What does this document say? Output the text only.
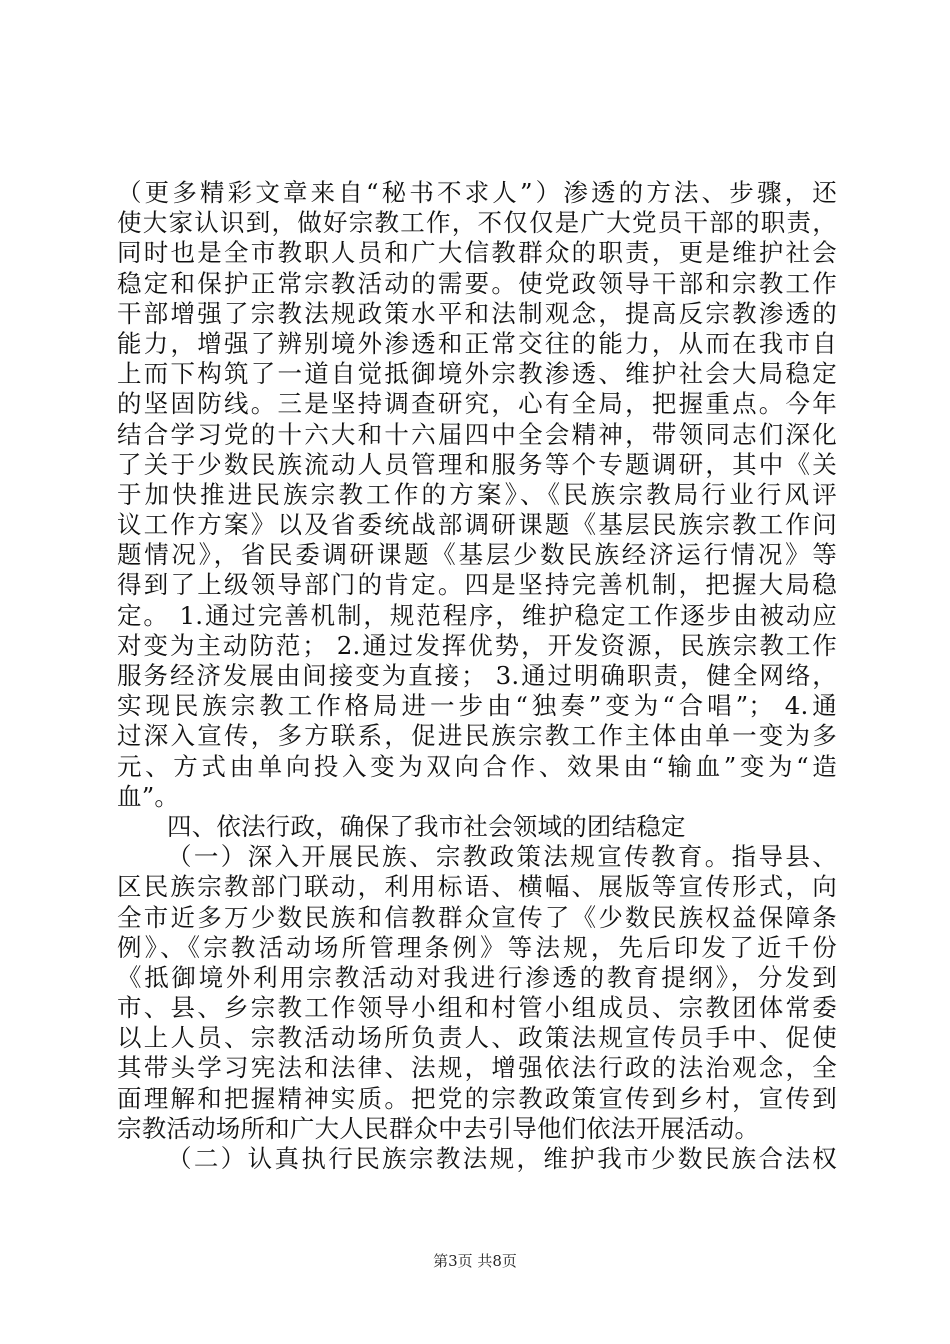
（更多精彩文章来自“秘书不求人”）渗透的方法、步骤，还
使大家认识到，做好宗教工作，不仅仅是广大党员干部的职责，
同时也是全市教职人员和广大信教群众的职责，更是维护社会
稳定和保护正常宗教活动的需要。使党政领导干部和宗教工作
干部增强了宗教法规政策水平和法制观念，提高反宗教渗透的
能力，增强了辨别境外渗透和正常交往的能力，从而在我市自
上而下构筑了一道自觉抵御境外宗教渗透、维护社会大局稳定
的坚固防线。三是坚持调查研究，心有全局，把握重点。今年
结合学习党的十六大和十六届四中全会精神，带领同志们深化
了关于少数民族流动人员管理和服务等个专题调研，其中《关
于加快推进民族宗教工作的方案》、《民族宗教局行业行风评
议工作方案》以及省委统战部调研课题《基层民族宗教工作问
题情况》，省民委调研课题《基层少数民族经济运行情况》等
得到了上级领导部门的肯定。四是坚持完善机制，把握大局稳
定。 1.通过完善机制，规范程序，维护稳定工作逐步由被动应
对变为主动防范； 2.通过发挥优势，开发资源，民族宗教工作
服务经济发展由间接变为直接； 3.通过明确职责，健全网络，
实现民族宗教工作格局进一步由“独奏”变为“合唱”； 4.通
过深入宣传，多方联系，促进民族宗教工作主体由单一变为多
元、方式由单向投入变为双向合作、效果由“输血”变为“造
血”。
四、依法行政，确保了我市社会领域的团结稳定
（一）深入开展民族、宗教政策法规宣传教育。指导县、
区民族宗教部门联动，利用标语、横幅、展版等宣传形式，向
全市近多万少数民族和信教群众宣传了《少数民族权益保障条
例》、《宗教活动场所管理条例》等法规，先后印发了近千份
《抵御境外利用宗教活动对我进行渗透的教育提纲》，分发到
市、县、乡宗教工作领导小组和村管小组成员、宗教团体常委
以上人员、宗教活动场所负责人、政策法规宣传员手中、促使
其带头学习宪法和法律、法规，增强依法行政的法治观念，全
面理解和把握精神实质。把党的宗教政策宣传到乡村，宣传到
宗教活动场所和广大人民群众中去引导他们依法开展活动。
（二）认真执行民族宗教法规，维护我市少数民族合法权
第3页 共8页
